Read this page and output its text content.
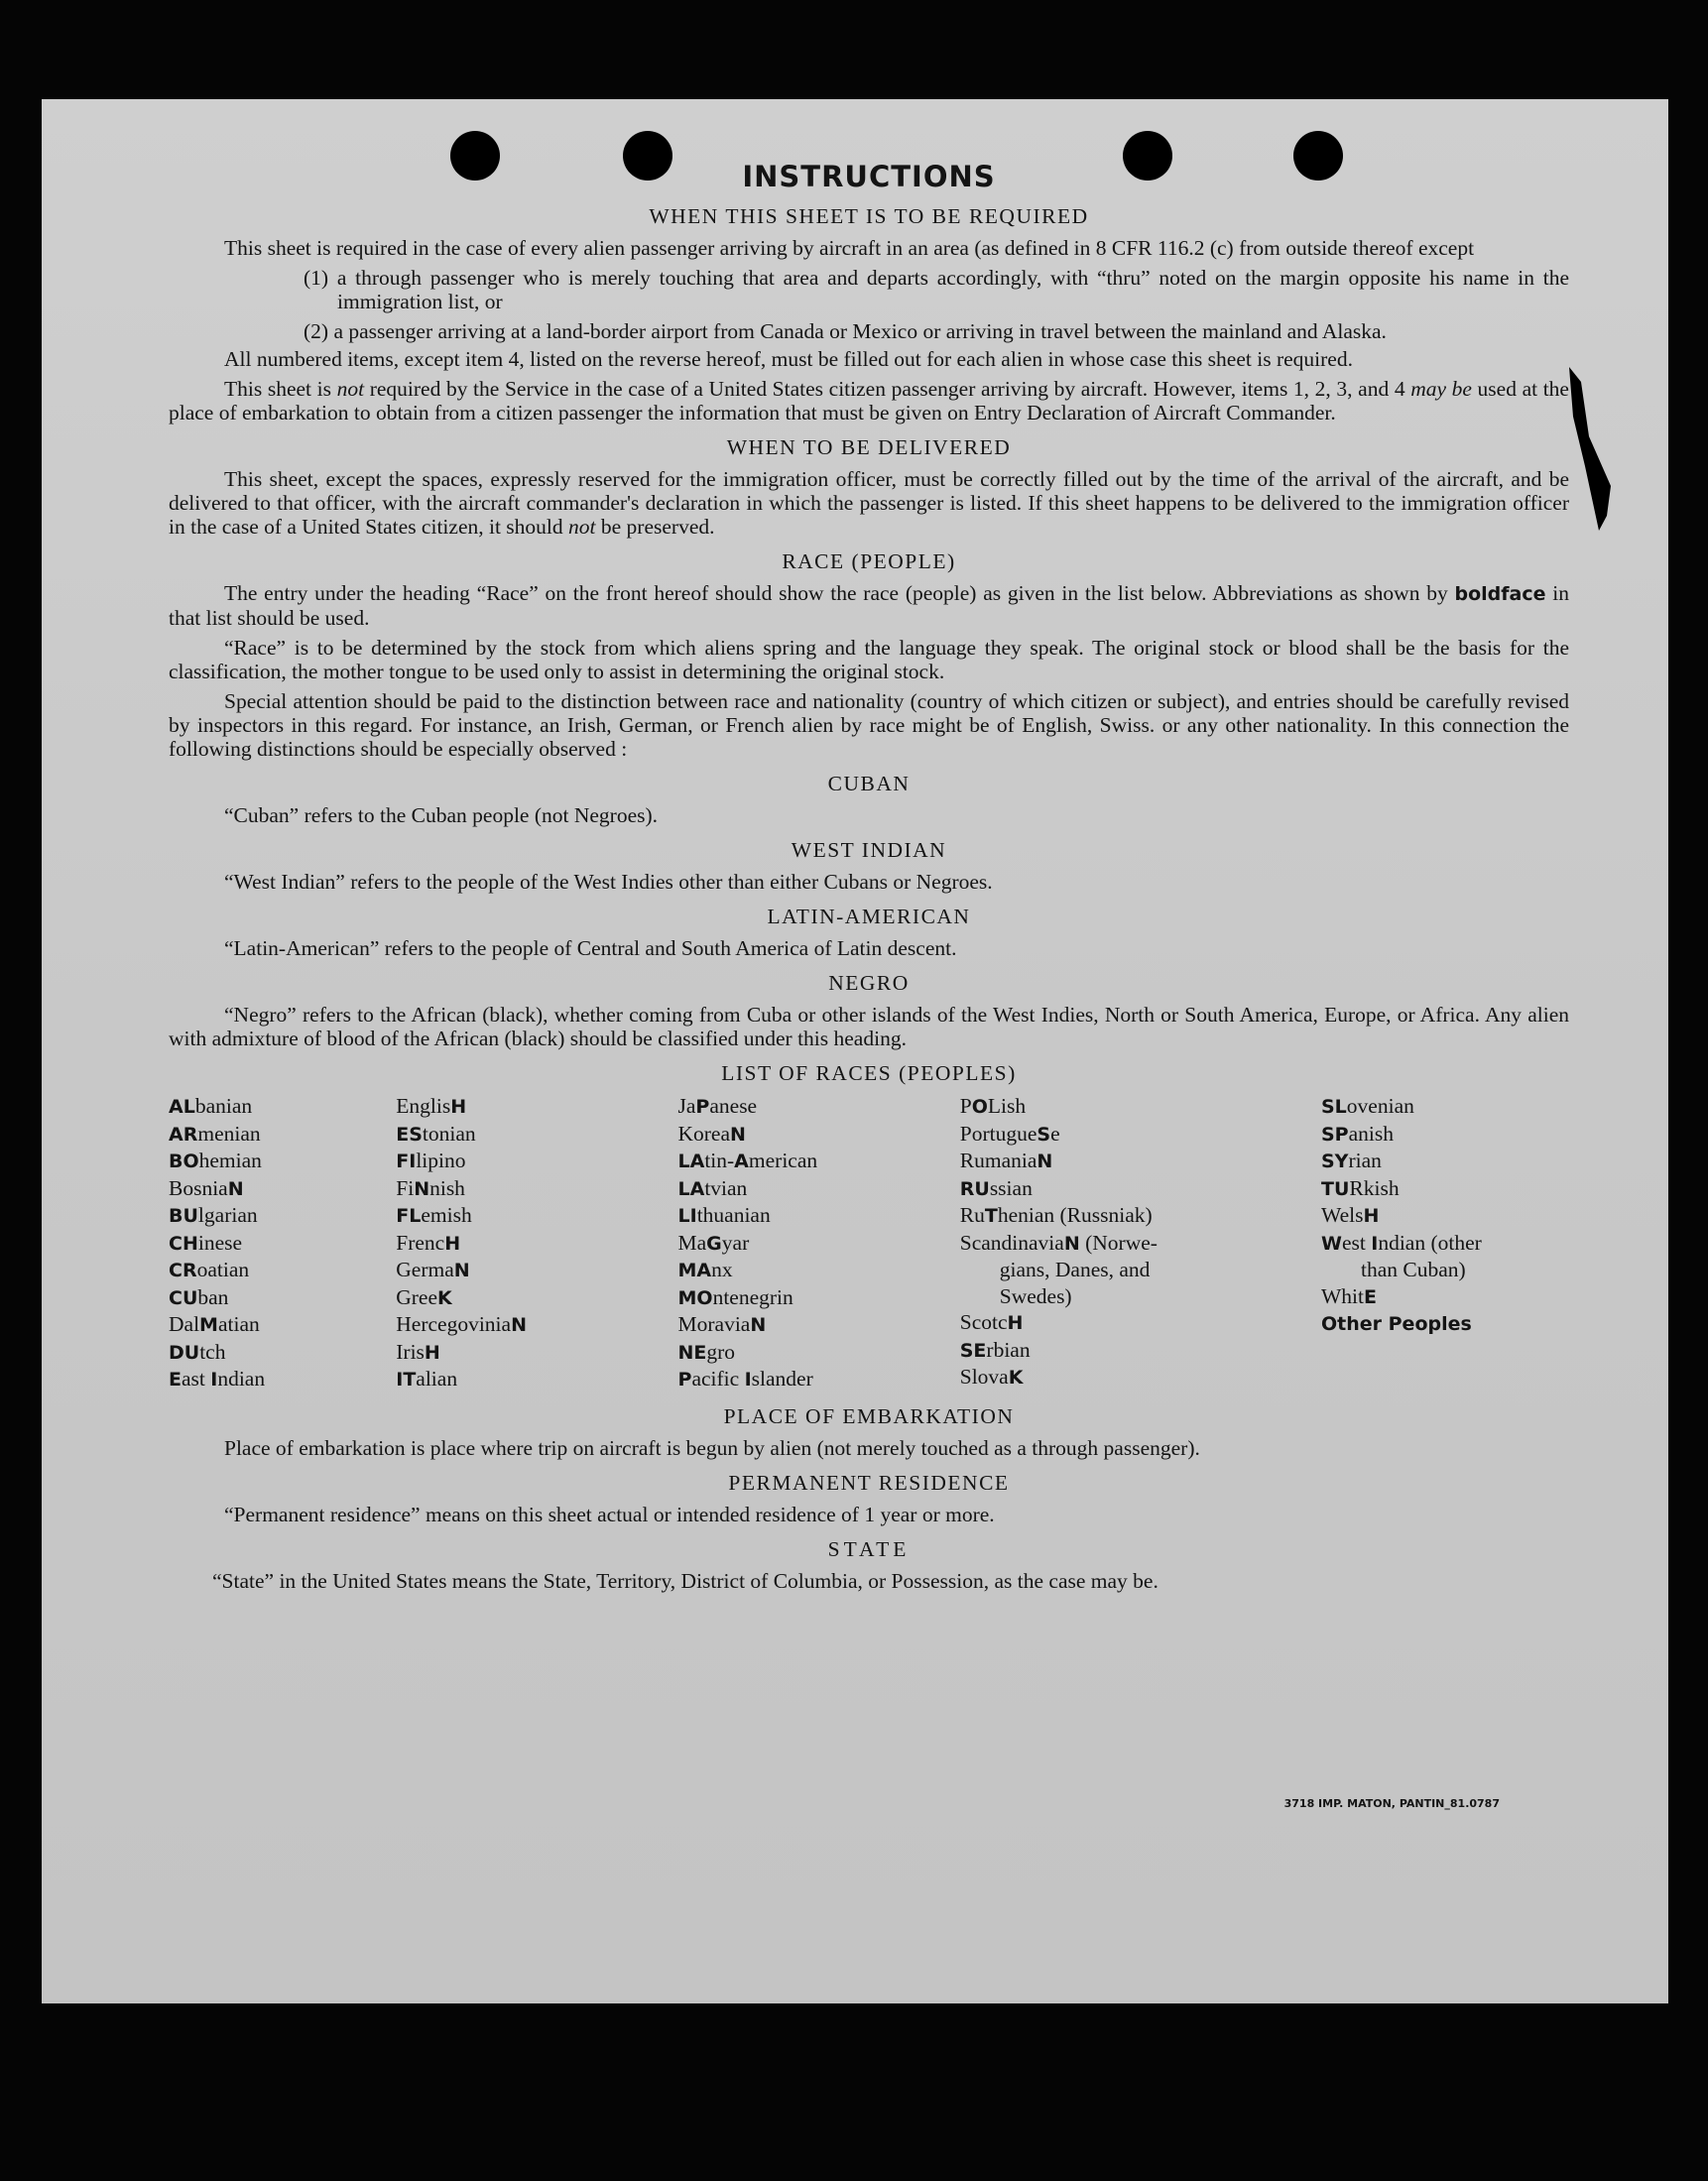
INSTRUCTIONS
WHEN THIS SHEET IS TO BE REQUIRED

This sheet is required in the case of every alien passenger arriving by aircraft in an area (as defined in 8 CFR 116.2 (c) from outside thereof except

(1) a through passenger who is merely touching that area and departs accordingly, with “thru” noted on the margin opposite his name in the immigration list, or
(2) a passenger arriving at a land-border airport from Canada or Mexico or arriving in travel between the mainland and Alaska.

All numbered items, except item 4, listed on the reverse hereof, must be filled out for each alien in whose case this sheet is required.

This sheet is not required by the Service in the case of a United States citizen passenger arriving by aircraft. However, items 1, 2, 3, and 4 may be used at the place of embarkation to obtain from a citizen passenger the information that must be given on Entry Declaration of Aircraft Commander.

WHEN TO BE DELIVERED

This sheet, except the spaces, expressly reserved for the immigration officer, must be correctly filled out by the time of the arrival of the aircraft, and be delivered to that officer, with the aircraft commander's declaration in which the passenger is listed. If this sheet happens to be delivered to the immigration officer in the case of a United States citizen, it should not be preserved.

RACE (PEOPLE)

The entry under the heading “Race” on the front hereof should show the race (people) as given in the list below. Abbreviations as shown by boldface in that list should be used.

“Race” is to be determined by the stock from which aliens spring and the language they speak. The original stock or blood shall be the basis for the classification, the mother tongue to be used only to assist in determining the original stock.

Special attention should be paid to the distinction between race and nationality (country of which citizen or subject), and entries should be carefully revised by inspectors in this regard. For instance, an Irish, German, or French alien by race might be of English, Swiss. or any other nationality. In this connection the following distinctions should be especially observed :

CUBAN

“Cuban” refers to the Cuban people (not Negroes).

WEST INDIAN

“West Indian” refers to the people of the West Indies other than either Cubans or Negroes.

LATIN-AMERICAN

“Latin-American” refers to the people of Central and South America of Latin descent.

NEGRO

“Negro” refers to the African (black), whether coming from Cuba or other islands of the West Indies, North or South America, Europe, or Africa. Any alien with admixture of blood of the African (black) should be classified under this heading.

LIST OF RACES (PEOPLES)
ALbanian
ARmenian
BOhemian
BosniaN
BUlgarian
CHinese
CRoatian
CUban
DalMatian
DUtch
East Indian
EnglisH
EStonian
FIlipino
FiNnish
FLemish
FrencH
GermaN
GreeK
HercegoviniaN
IrisH
ITalian
JaPanese
KoreaN
LAtin-American
LAtvian
LIthuanian
MaGyar
MAnx
MOntenegrin
MoraviaN
NEgro
Pacific Islander
POLish
PortugueSe
RumaniaN
RUssian
RuThenian (Russniak)
ScandinaviaN (Norwe-
gians, Danes, and
Swedes)
ScotcH
SErbian
SlovaK
SLovenian
SPanish
SYrian
TURkish
WelsH
West Indian (other
than Cuban)
WhitE
Other Peoples
PLACE OF EMBARKATION

Place of embarkation is place where trip on aircraft is begun by alien (not merely touched as a through passenger).

PERMANENT RESIDENCE

“Permanent residence” means on this sheet actual or intended residence of 1 year or more.

STATE

“State” in the United States means the State, Territory, District of Columbia, or Possession, as the case may be.

3718 IMP. MATON, PANTIN_81.0787
